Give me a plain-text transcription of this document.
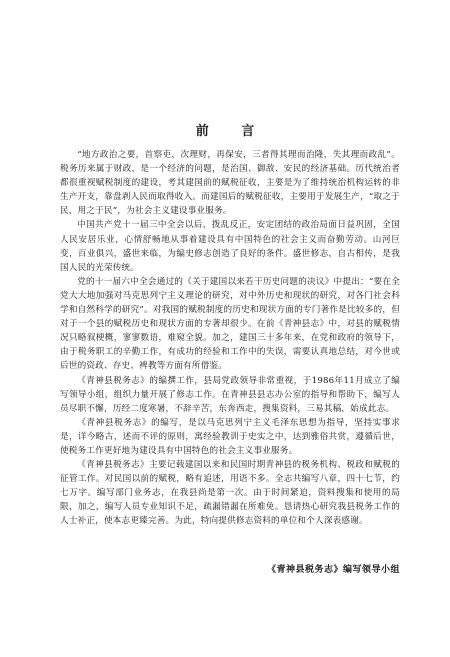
前 言

“地方政治之要，首察吏，次理财，再保安，三者得其理而治隆，失其理而政乱”。税务历来属于财政，是一个经济的问题，是治国、御敌、安民的经济基础。历代统治者都很重视赋税制度的建设，考其建国前的赋税征收，主要是为了维持统治机构运转的非生产开支，靠盘剥人民而取得收入。而建国后的赋税征收，主要用于发展生产，“取之于民，用之于民”，为社会主义建设事业服务。

中国共产党十一届三中全会以后，拨乱反正，安定团结的政治局面日益巩固，全国人民安居乐业，心情舒畅地从事着建设具有中国特色的社会主义而奋勤劳动。山河巨变，百业俱兴，盛世来临，为编史修志创造了良好的条件。盛世修志，自古相传，是我国人民的光荣传统。

党的十一届六中全会通过的《关于建国以来若干历史问题的决议》中提出：“要在全党大大地加强对马克思列宁主义理论的研究，对中外历史和现状的研究，对各门社会科学和自然科学的研究”。对我国的赋税制度的历史和现状方面的专门著作是比较多的，但对于一个县的赋税历史和现状方面的专著却很少。在前《青神县志》中，对县的赋税情况只略叙梗概，寥寥数语，难窥全貌。加之，建国三十多年来，在党和政府的领导下，由于税务职工的辛勤工作，有成功的经验和工作中的失误，需要认真地总结，对今世或后世的资政、存史、裨教等方面有所借鉴。

《青神县税务志》的编撰工作，县局党政领导非常重视，于1986年11月成立了编写领导小组，组织力量开展了修志工作。在青神县县志办公室的指导和帮助下，编写人员尽职不懈，历经二度寒暑，不辞辛苦，东奔西走，搜集资料，三易其稿，始成此志。

《青神县税务志》的编写，是以马克思列宁主义毛泽东思想为指导，坚持实事求是，详今略古，述而不评的原则，寓经验教训于史实之中，达到雅俗共赏，遵循后世，使税务工作更好地为建设具有中国特色的社会主义事业服务。

《青神县税务志》主要记载建国以来和民国时期青神县的税务机构、税政和赋税的征管工作。对民国以前的赋税，略有追述，用语不多。全志共编写八章，四十七节，约七万字。编写部门业务志，在我县尚是第一次。由于时间紧迫，资料搜集和使用的局限，加之，编写人员专业知识不足，疏漏错漏在所难免。恳请热心研究我县税务工作的人士补正，使本志更臻完善。为此，特向提供修志资料的单位和个人深表感谢。

《青神县税务志》编写领导小组
